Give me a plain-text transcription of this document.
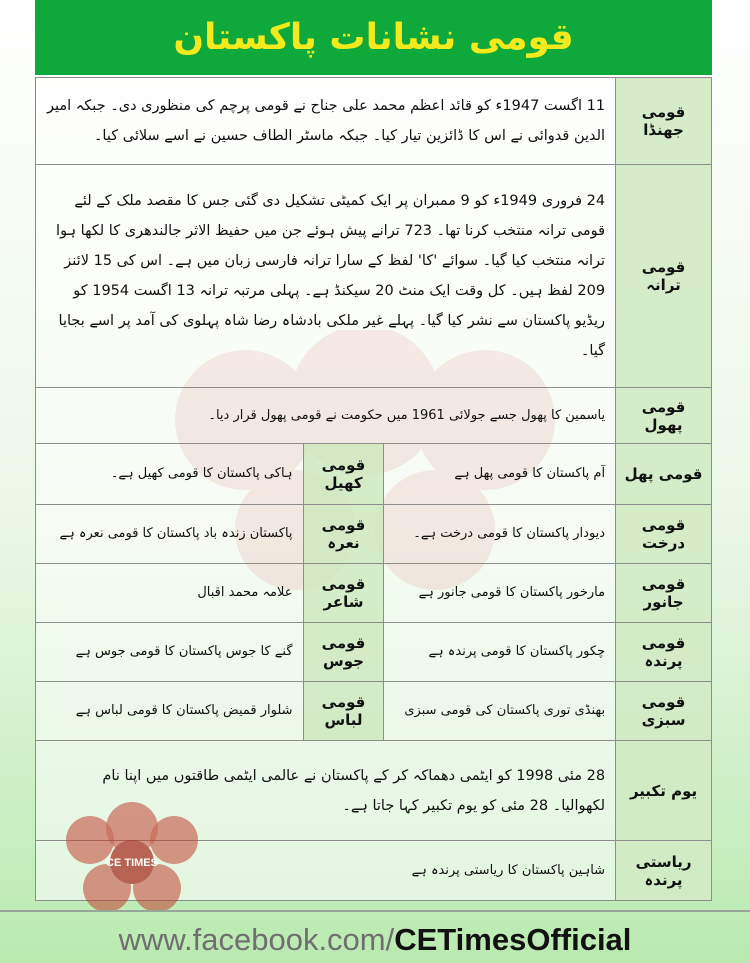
قومی نشانات پاکستان
قومی جھنڈا	11 اگست 1947ء کو قائد اعظم محمد علی جناح نے قومی پرچم کی منظوری دی۔ جبکہ امیر الدین قدوائی نے اس کا ڈائزین تیار کیا۔ جبکہ ماسٹر الطاف حسین نے اسے سلائی کیا۔		
قومی ترانہ	24 فروری 1949ء کو 9 ممبران پر ایک کمیٹی تشکیل دی گئی جس کا مقصد ملک کے لئے قومی ترانہ منتخب کرنا تھا۔ 723 ترانے پیش ہوئے جن میں حفیظ الاثر جالندھری کا لکھا ہوا ترانہ منتخب کیا گیا۔ سوائے 'کا' لفظ کے سارا ترانہ فارسی زبان میں ہے۔ اس کی 15 لائنز 209 لفظ ہیں۔ کل وقت ایک منٹ 20 سیکنڈ ہے۔ پہلی مرتبہ ترانہ 13 اگست 1954 کو ریڈیو پاکستان سے نشر کیا گیا۔ پہلے غیر ملکی بادشاہ رضا شاہ پہلوی کی آمد پر اسے بجایا گیا۔		
قومی پھول	یاسمین کا پھول جسے جولائی 1961 میں حکومت نے قومی پھول قرار دیا۔		
قومی پھل	آم پاکستان کا قومی پھل ہے	قومی کھیل	ہاکی پاکستان کا قومی کھیل ہے۔
قومی درخت	دیودار پاکستان کا قومی درخت ہے۔	قومی نعرہ	پاکستان زندہ باد پاکستان کا قومی نعرہ ہے
قومی جانور	مارخور پاکستان کا قومی جانور ہے	قومی شاعر	علامہ محمد اقبال
قومی پرندہ	چکور پاکستان کا قومی پرندہ ہے	قومی جوس	گنے کا جوس پاکستان کا قومی جوس ہے
قومی سبزی	بھنڈی توری پاکستان کی قومی سبزی	قومی لباس	شلوار قمیض پاکستان کا قومی لباس ہے
یوم تکبیر	28 مئی 1998 کو ایٹمی دھماکہ کر کے پاکستان نے عالمی ایٹمی طاقتوں میں اپنا نام لکھوالیا۔ 28 مئی کو یوم تکبیر کہا جاتا ہے۔		
ریاستی پرندہ	شاہین پاکستان کا ریاستی پرندہ ہے		
CE TIMES
www.facebook.com/ CETimesOfficial
